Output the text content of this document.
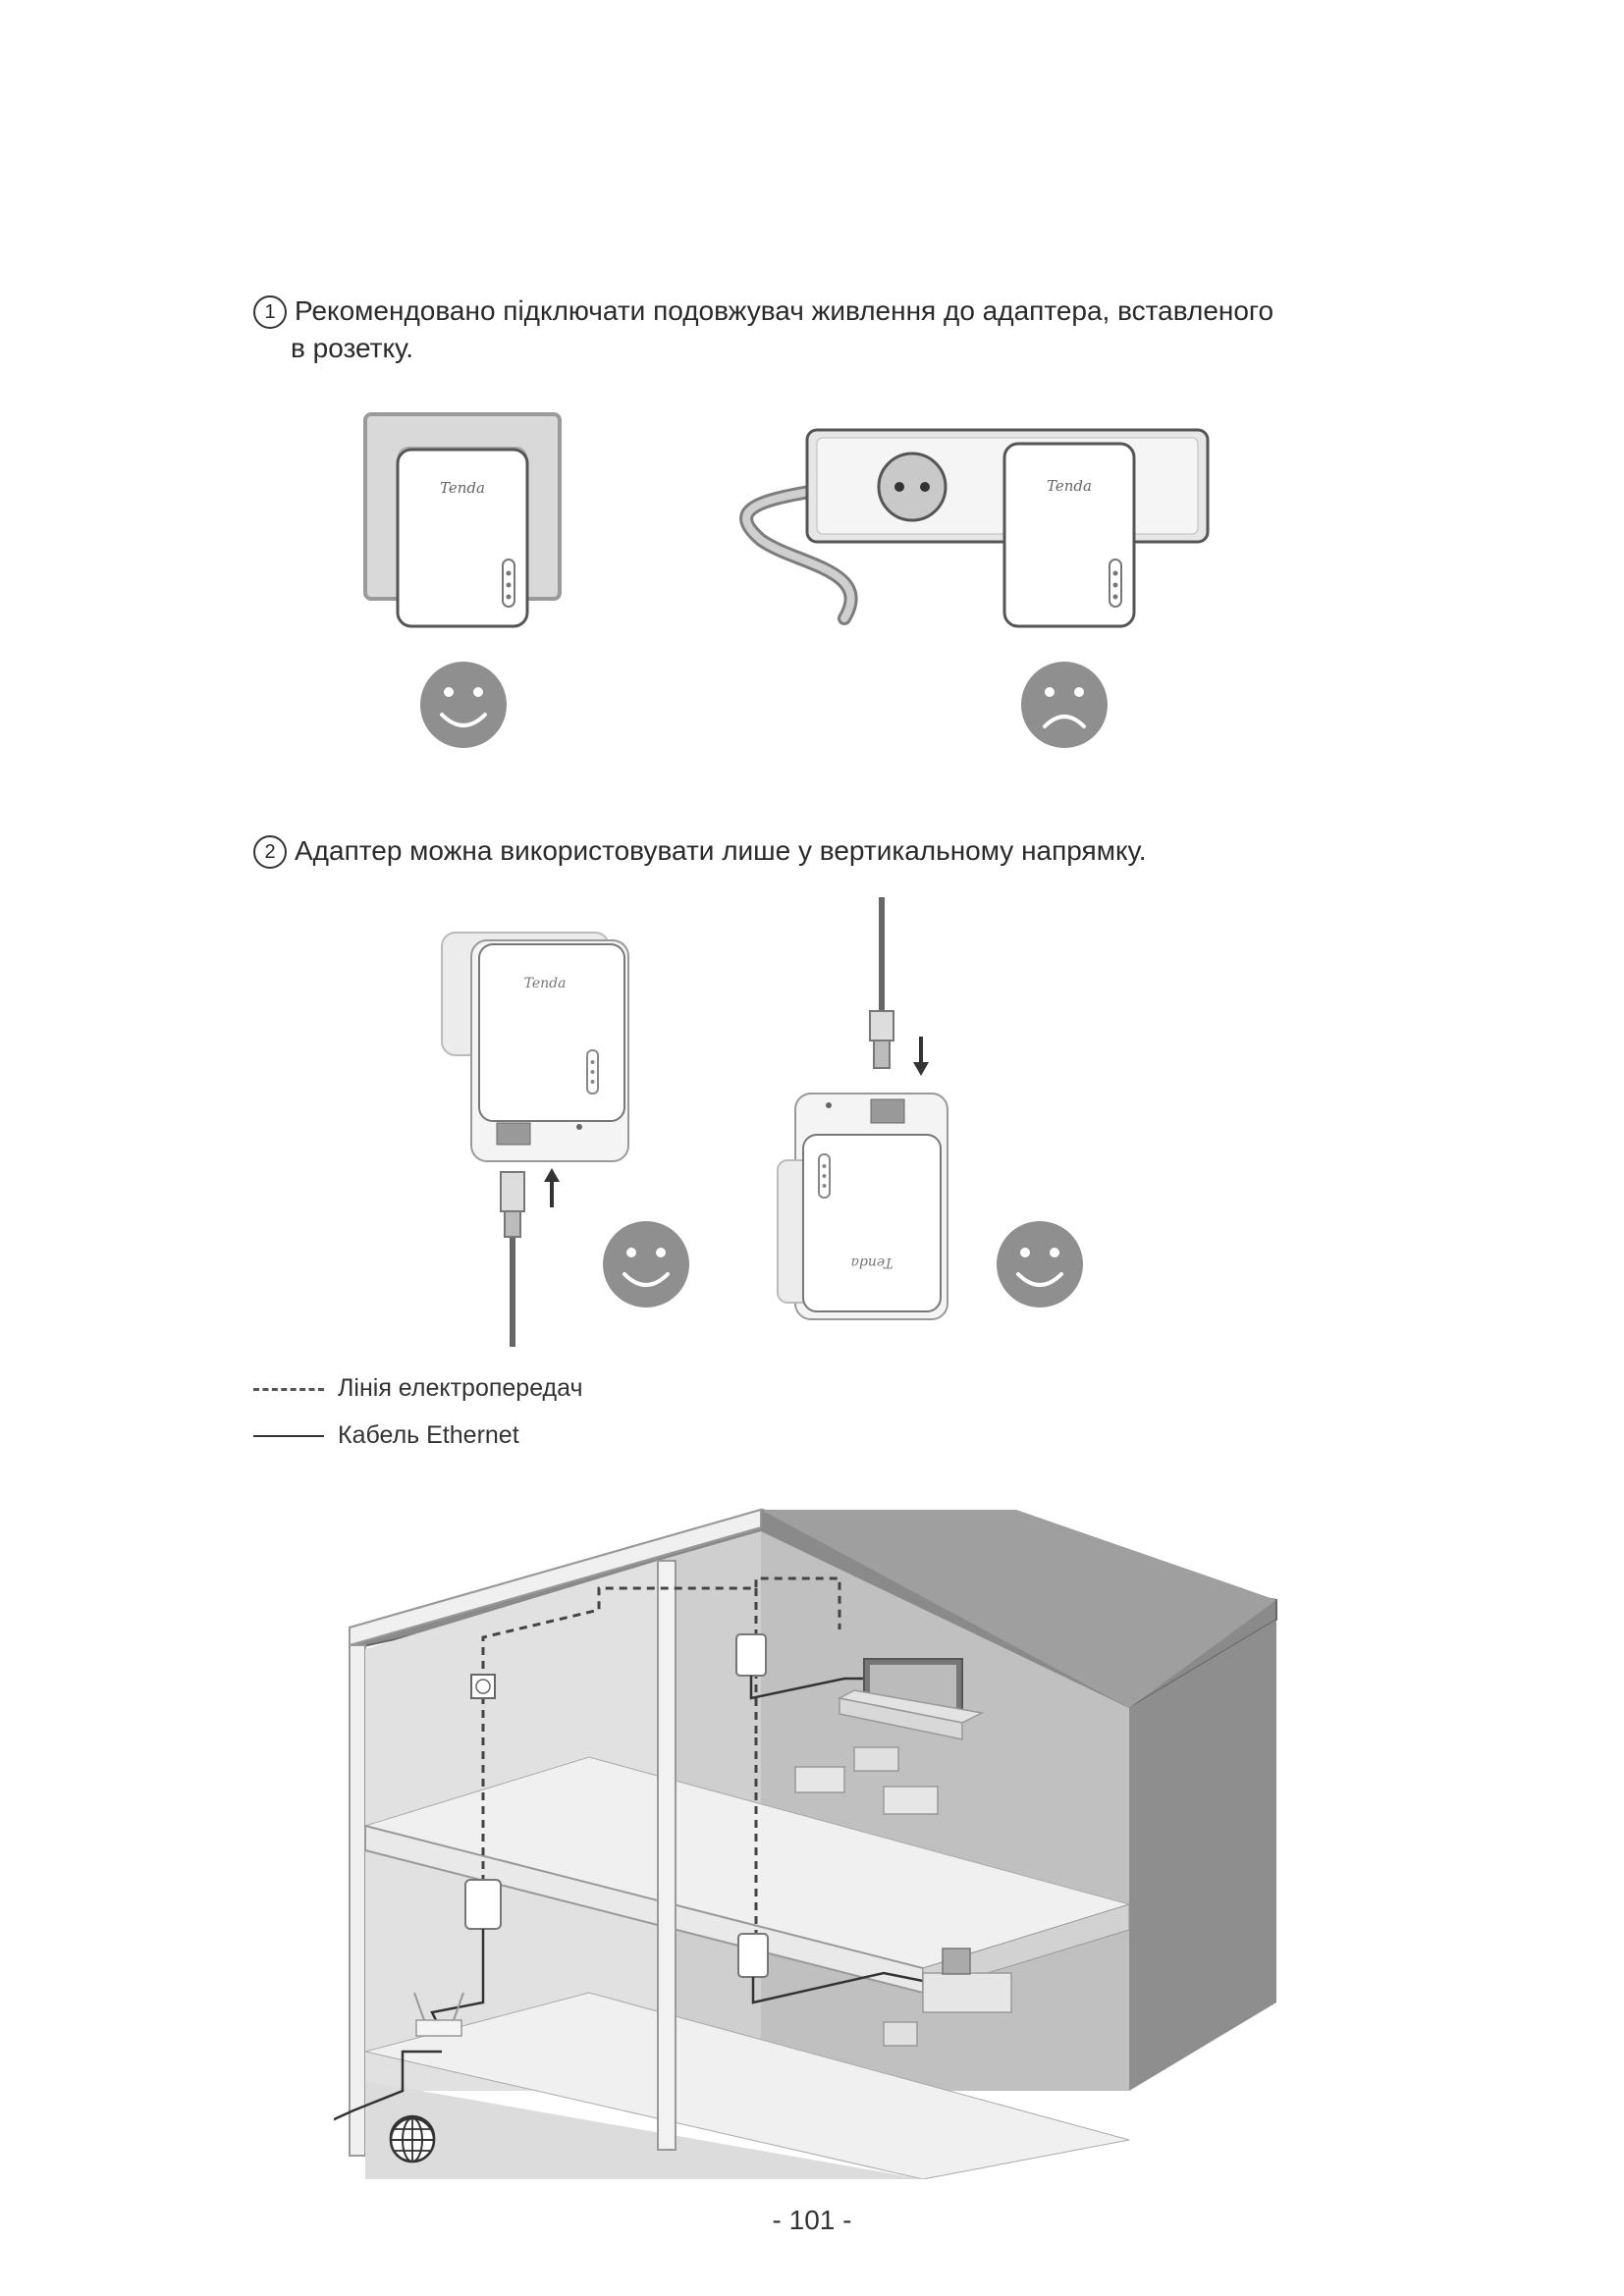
1 Рекомендовано підключати подовжувач живлення до адаптера, вставленого
в розетку.
Tenda	Tenda
2 Адаптер можна використовувати лише у вертикальному напрямку.
Tenda
Tenda
Лінія електропередач
Кабель Ethernet
- 101 -
